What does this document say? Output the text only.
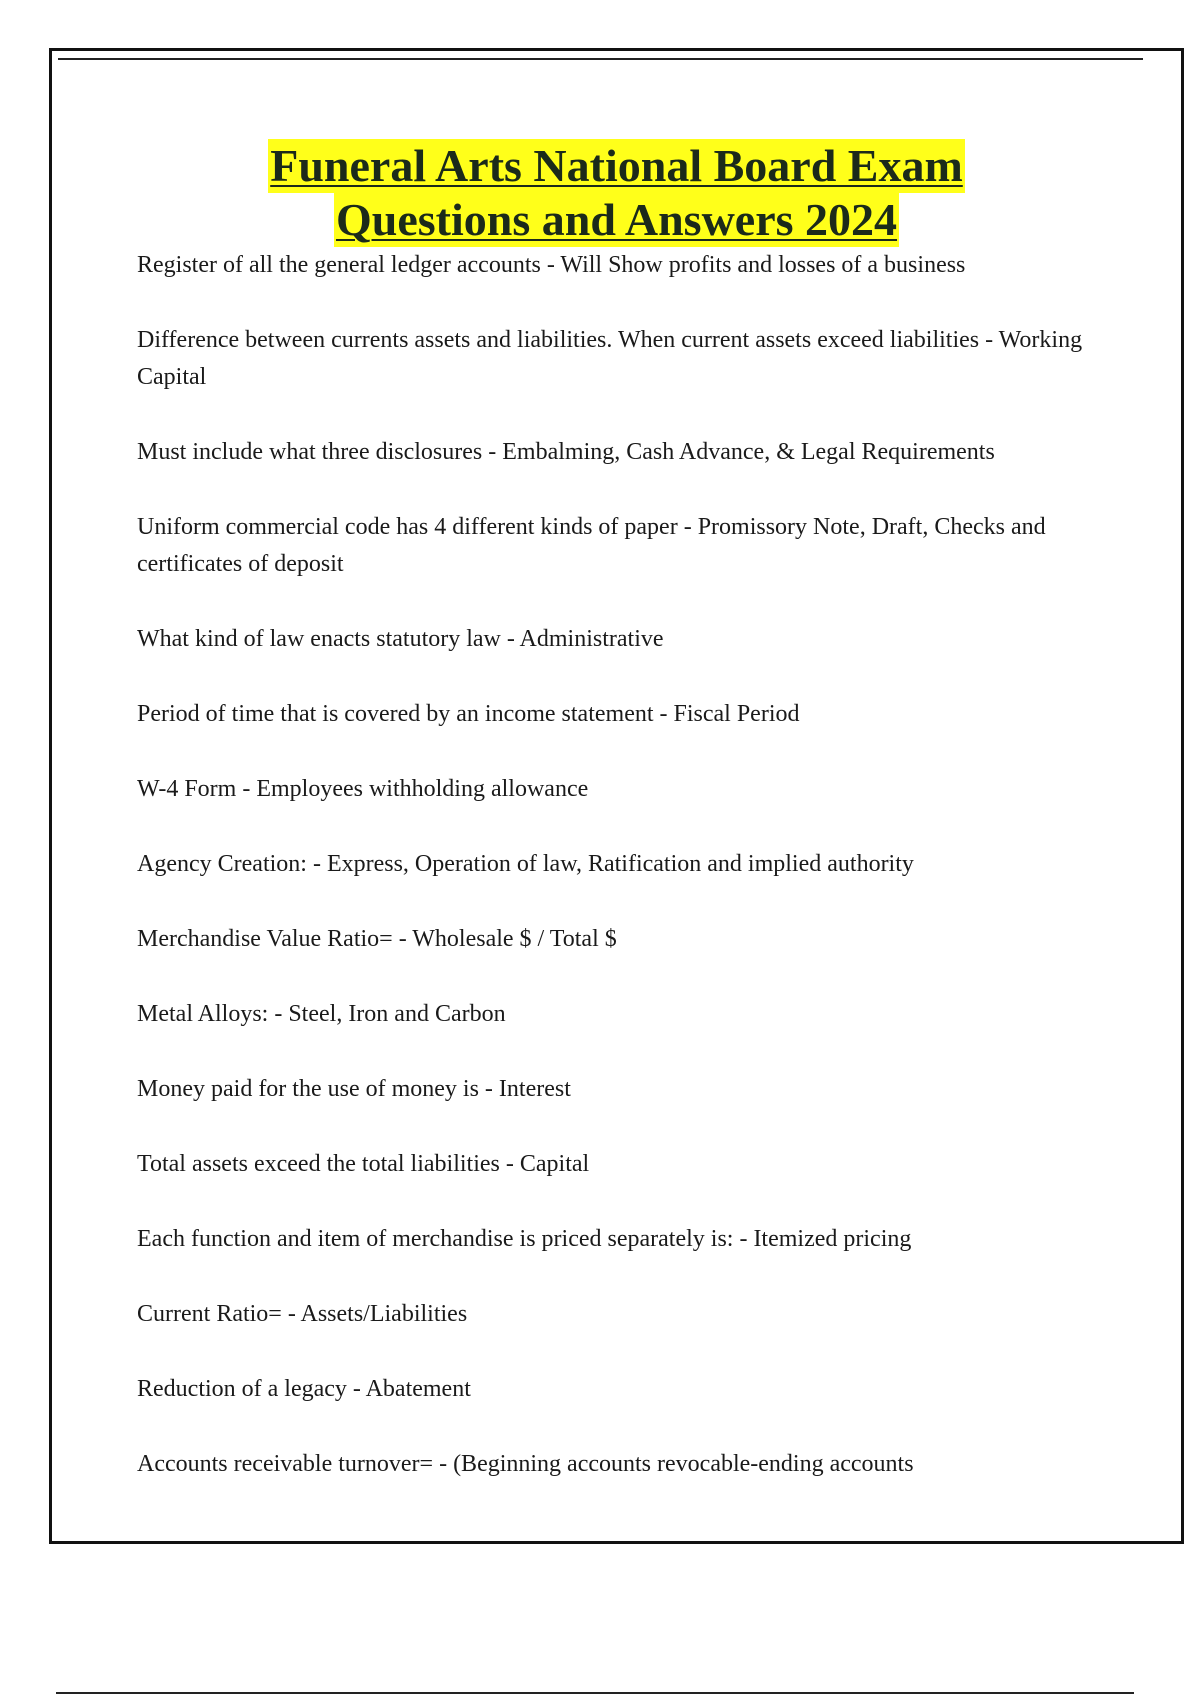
Funeral Arts National Board Exam
Questions and Answers 2024
Register of all the general ledger accounts - Will Show profits and losses of a business
Difference between currents assets and liabilities. When current assets exceed liabilities - Working Capital
Must include what three disclosures - Embalming, Cash Advance, & Legal Requirements
Uniform commercial code has 4 different kinds of paper - Promissory Note, Draft, Checks and certificates of deposit
What kind of law enacts statutory law - Administrative
Period of time that is covered by an income statement - Fiscal Period
W-4 Form - Employees withholding allowance
Agency Creation: - Express, Operation of law, Ratification and implied authority
Merchandise Value Ratio= - Wholesale $ / Total $
Metal Alloys: - Steel, Iron and Carbon
Money paid for the use of money is - Interest
Total assets exceed the total liabilities - Capital
Each function and item of merchandise is priced separately is: - Itemized pricing
Current Ratio= - Assets/Liabilities
Reduction of a legacy - Abatement
Accounts receivable turnover= - (Beginning accounts revocable-ending accounts
